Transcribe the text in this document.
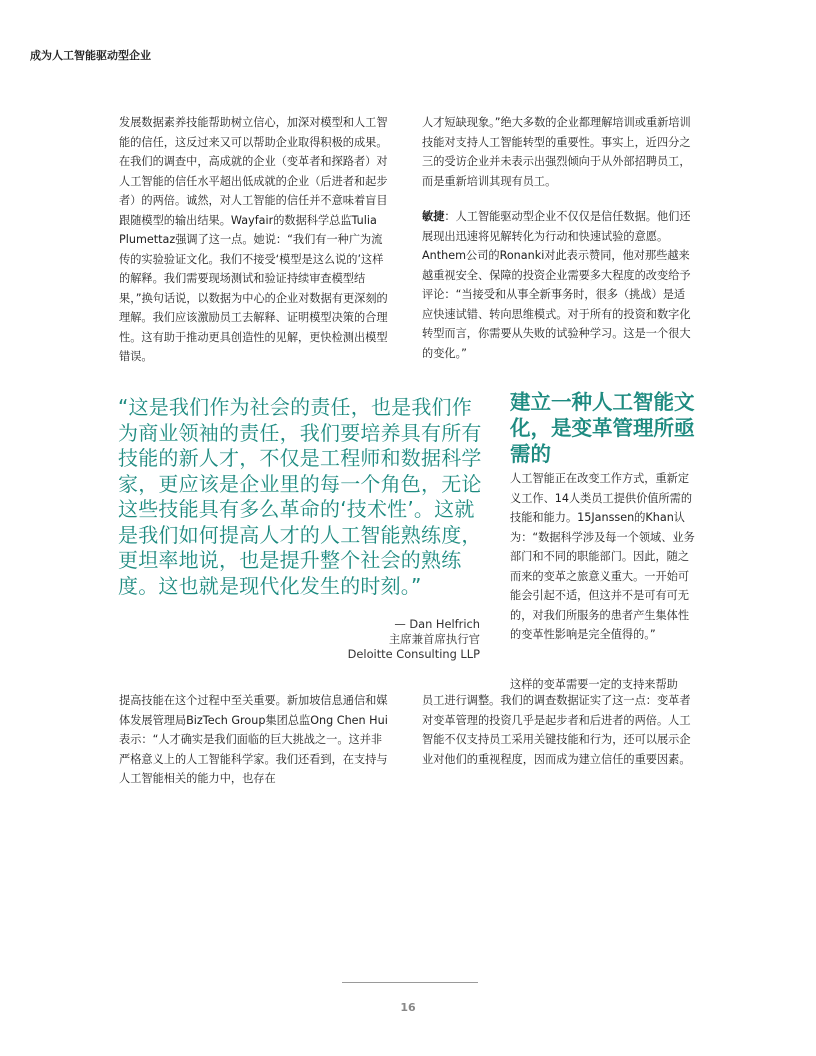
成为人工智能驱动型企业

发展数据素养技能帮助树立信心，加深对模型和人工智能的信任，这反过来又可以帮助企业取得积极的成果。在我们的调查中，高成就的企业（变革者和探路者）对人工智能的信任水平超出低成就的企业（后进者和起步者）的两倍。诚然，对人工智能的信任并不意味着盲目跟随模型的输出结果。Wayfair的数据科学总监Tulia Plumettaz强调了这一点。她说：“我们有一种广为流传的实验验证文化。我们不接受‘模型是这么说的’这样的解释。我们需要现场测试和验证持续审查模型结果，”换句话说，以数据为中心的企业对数据有更深刻的理解。我们应该激励员工去解释、证明模型决策的合理性。这有助于推动更具创造性的见解，更快检测出模型错误。

人才短缺现象。”绝大多数的企业都理解培训或重新培训技能对支持人工智能转型的重要性。事实上，近四分之三的受访企业并未表示出强烈倾向于从外部招聘员工，而是重新培训其现有员工。

敏捷：人工智能驱动型企业不仅仅是信任数据。他们还展现出迅速将见解转化为行动和快速试验的意愿。Anthem公司的Ronanki对此表示赞同，他对那些越来越重视安全、保障的投资企业需要多大程度的改变给予评论：“当接受和从事全新事务时，很多（挑战）是适应快速试错、转向思维模式。对于所有的投资和数字化转型而言，你需要从失败的试验种学习。这是一个很大的变化。”

“这是我们作为社会的责任，也是我们作为商业领袖的责任，我们要培养具有所有技能的新人才，不仅是工程师和数据科学家，更应该是企业里的每一个角色，无论这些技能具有多么革命的‘技术性’。这就是我们如何提高人才的人工智能熟练度，更坦率地说，也是提升整个社会的熟练度。这也就是现代化发生的时刻。”

— Dan Helfrich
主席兼首席执行官
Deloitte Consulting LLP
建立一种人工智能文化，是变革管理所亟需的

人工智能正在改变工作方式，重新定义工作、14人类员工提供价值所需的技能和能力。15Janssen的Khan认为：“数据科学涉及每一个领域、业务部门和不同的职能部门。因此，随之而来的变革之旅意义重大。一开始可能会引起不适，但这并不是可有可无的，对我们所服务的患者产生集体性的变革性影响是完全值得的。”

这样的变革需要一定的支持来帮助

提高技能在这个过程中至关重要。新加坡信息通信和媒体发展管理局BizTech Group集团总监Ong Chen Hui表示：“人才确实是我们面临的巨大挑战之一。这并非严格意义上的人工智能科学家。我们还看到，在支持与人工智能相关的能力中，也存在

员工进行调整。我们的调查数据证实了这一点：变革者对变革管理的投资几乎是起步者和后进者的两倍。人工智能不仅支持员工采用关键技能和行为，还可以展示企业对他们的重视程度，因而成为建立信任的重要因素。

16
